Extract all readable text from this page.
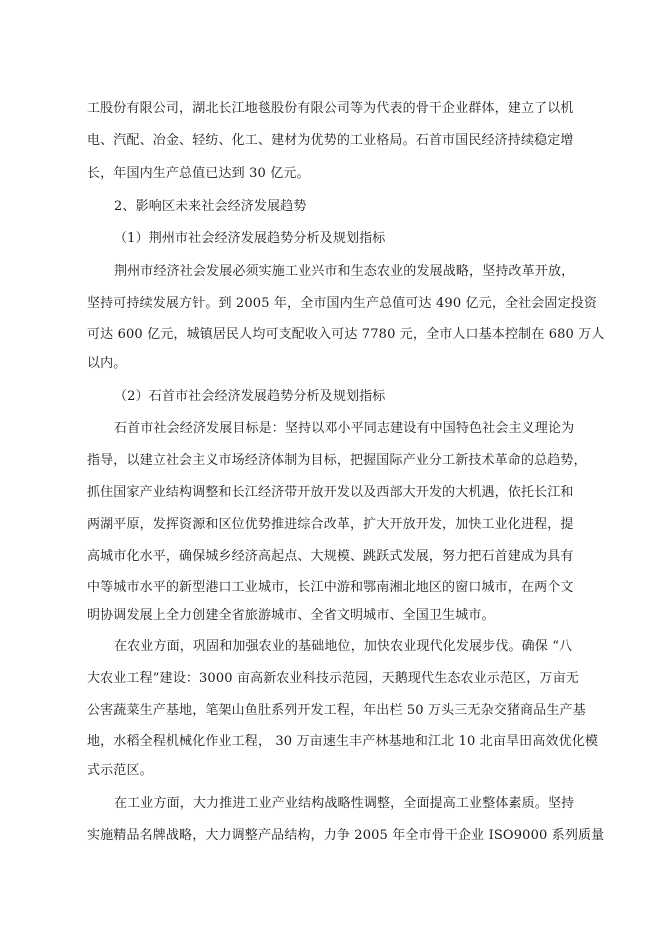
工股份有限公司，湖北长江地毯股份有限公司等为代表的骨干企业群体，建立了以机
电、汽配、冶金、轻纺、化工、建材为优势的工业格局。石首市国民经济持续稳定增
长，年国内生产总值已达到 30 亿元。
2、影响区未来社会经济发展趋势
（1）荆州市社会经济发展趋势分析及规划指标
荆州市经济社会发展必须实施工业兴市和生态农业的发展战略，坚持改革开放，
坚持可持续发展方针。到 2005 年，全市国内生产总值可达 490 亿元，全社会固定投资
可达 600 亿元，城镇居民人均可支配收入可达 7780 元，全市人口基本控制在 680 万人
以内。
（2）石首市社会经济发展趋势分析及规划指标
石首市社会经济发展目标是：坚持以邓小平同志建设有中国特色社会主义理论为
指导，以建立社会主义市场经济体制为目标，把握国际产业分工新技术革命的总趋势，
抓住国家产业结构调整和长江经济带开放开发以及西部大开发的大机遇，依托长江和
两湖平原，发挥资源和区位优势推进综合改革，扩大开放开发，加快工业化进程，提
高城市化水平，确保城乡经济高起点、大规模、跳跃式发展，努力把石首建成为具有
中等城市水平的新型港口工业城市，长江中游和鄂南湘北地区的窗口城市，在两个文
明协调发展上全力创建全省旅游城市、全省文明城市、全国卫生城市。
在农业方面，巩固和加强农业的基础地位，加快农业现代化发展步伐。确保 “八
大农业工程”建设：3000 亩高新农业科技示范园，天鹅现代生态农业示范区，万亩无
公害蔬菜生产基地，笔架山鱼肚系列开发工程，年出栏 50 万头三无杂交猪商品生产基
地，水稻全程机械化作业工程， 30 万亩速生丰产林基地和江北 10 北亩旱田高效优化模
式示范区。
在工业方面，大力推进工业产业结构战略性调整，全面提高工业整体素质。坚持
实施精品名牌战略，大力调整产品结构，力争 2005 年全市骨干企业 ISO9000 系列质量
